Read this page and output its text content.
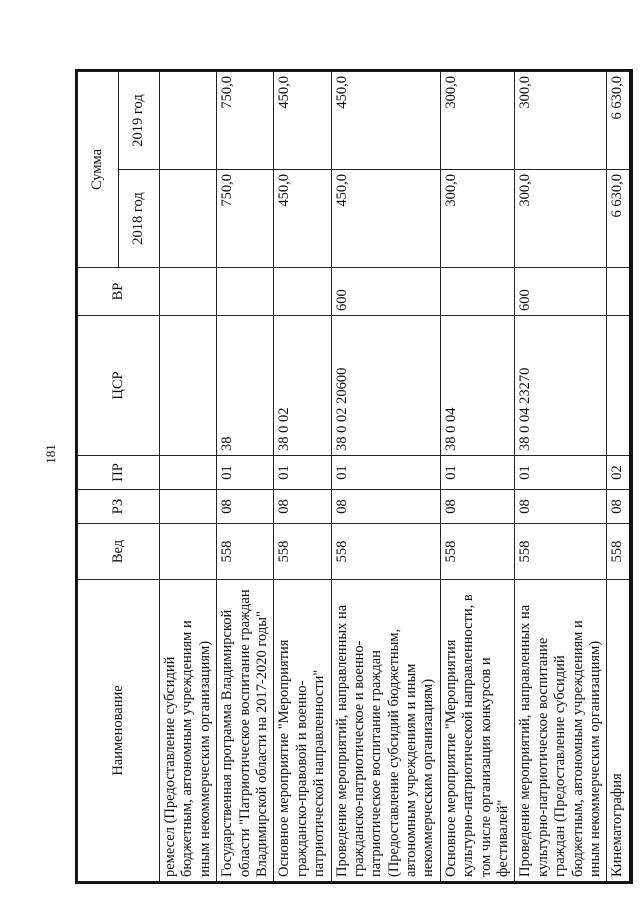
181
Наименование	Вед	РЗ	ПР	ЦСР	ВР	Сумма	
						2018 год	2019 год
ремесел (Предоставление субсидий бюджетным, автономным учреждениям и иным некоммерческим организациям)							
Государственная программа Владимирской области "Патриотическое воспитание граждан Владимирской области на 2017-2020 годы"	558	08	01	38		750,0	750,0
Основное мероприятие "Мероприятия гражданско-правовой и военно-патриотической направленности"	558	08	01	38 0 02		450,0	450,0
Проведение мероприятий, направленных на гражданско-патриотическое и военно-патриотическое воспитание граждан (Предоставление субсидий бюджетным, автономным учреждениям и иным некоммерческим организациям)	558	08	01	38 0 02 20600	600	450,0	450,0
Основное мероприятие "Мероприятия культурно-патриотической направленности, в том числе организация конкурсов и фестивалей"	558	08	01	38 0 04		300,0	300,0
Проведение мероприятий, направленных на культурно-патриотическое воспитание граждан (Предоставление субсидий бюджетным, автономным учреждениям и иным некоммерческим организациям)	558	08	01	38 0 04 23270	600	300,0	300,0
Кинематография	558	08	02			6 630,0	6 630,0
